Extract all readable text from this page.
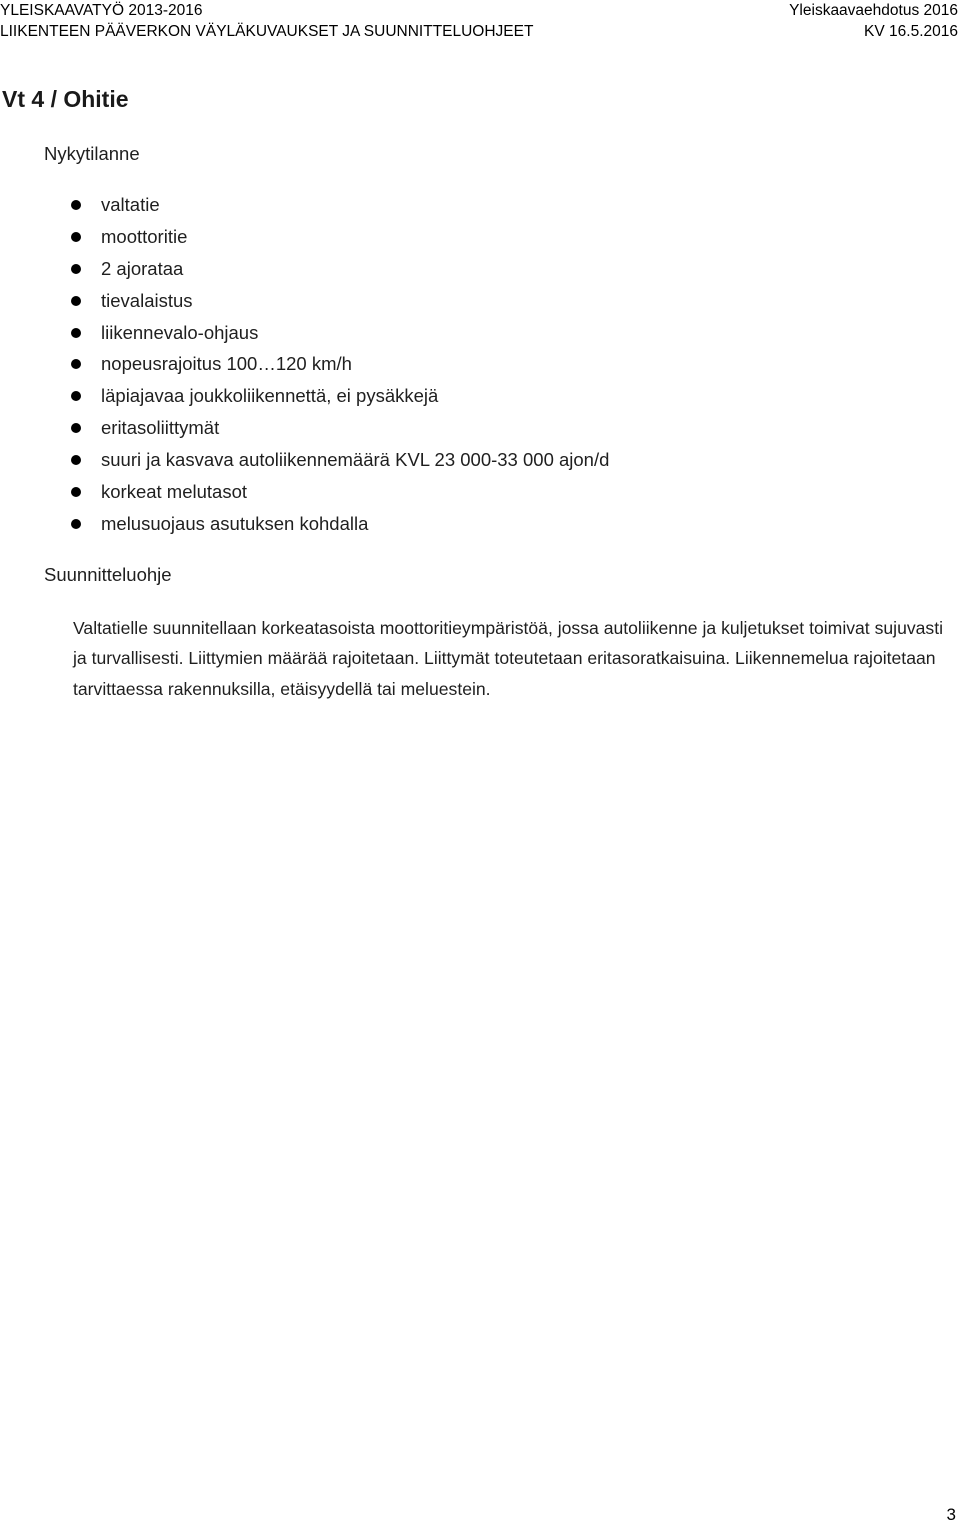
YLEISKAAVATYÖ 2013-2016
LIIKENTEEN PÄÄVERKON VÄYLÄKUVAUKSET JA SUUNNITTELUOHJEET
Yleiskaavaehdotus 2016
KV 16.5.2016
Vt 4 / Ohitie
Nykytilanne
valtatie
moottoritie
2 ajorataa
tievalaistus
liikennevalo-ohjaus
nopeusrajoitus 100…120 km/h
läpiajavaa joukkoliikennettä, ei pysäkkejä
eritasoliittymät
suuri ja kasvava autoliikennemäärä KVL 23 000-33 000 ajon/d
korkeat melutasot
melusuojaus asutuksen kohdalla
Suunnitteluohje

Valtatielle suunnitellaan korkeatasoista moottoritieympäristöä, jossa autoliikenne ja kuljetukset toimivat sujuvasti ja turvallisesti. Liittymien määrää rajoitetaan. Liittymät toteutetaan eritasoratkaisuina. Liikennemelua rajoitetaan tarvittaessa rakennuksilla, etäisyydellä tai meluestein.

3
